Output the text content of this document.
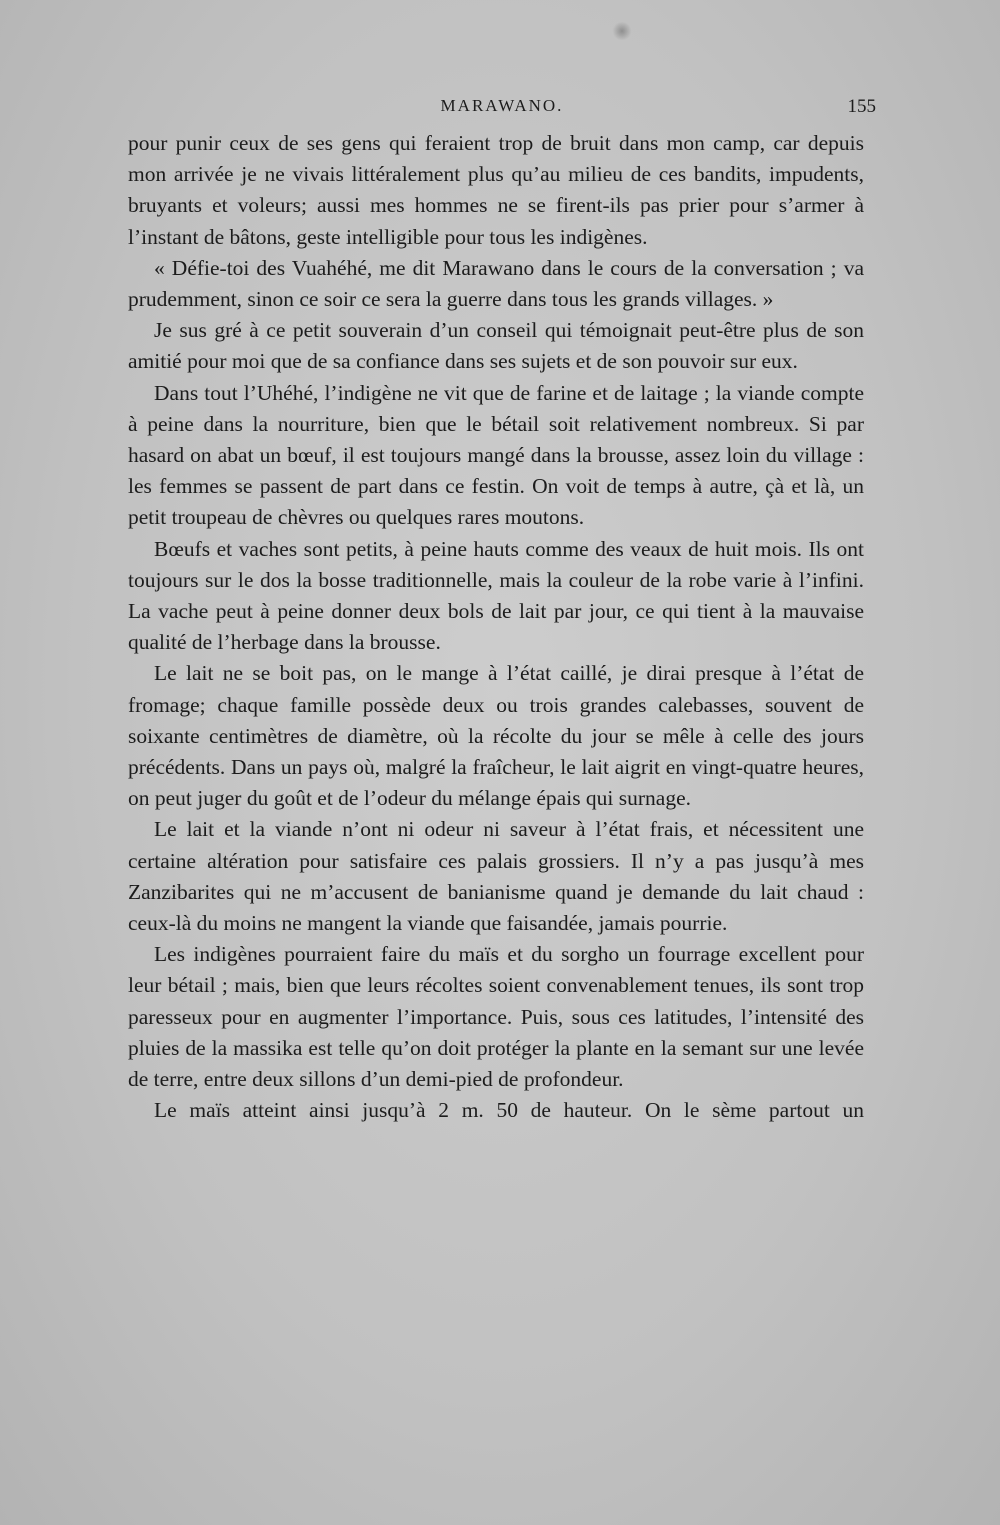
MARAWANO.	155

pour punir ceux de ses gens qui feraient trop de bruit dans mon camp, car depuis mon arrivée je ne vivais littéralement plus qu’au milieu de ces bandits, impudents, bruyants et voleurs; aussi mes hommes ne se firent-ils pas prier pour s’armer à l’instant de bâtons, geste intelligible pour tous les indigènes.

« Défie-toi des Vuahéhé, me dit Marawano dans le cours de la conversation ; va prudemment, sinon ce soir ce sera la guerre dans tous les grands villages. »

Je sus gré à ce petit souverain d’un conseil qui témoignait peut-être plus de son amitié pour moi que de sa confiance dans ses sujets et de son pouvoir sur eux.

Dans tout l’Uhéhé, l’indigène ne vit que de farine et de laitage ; la viande compte à peine dans la nourriture, bien que le bétail soit relativement nombreux. Si par hasard on abat un bœuf, il est toujours mangé dans la brousse, assez loin du village : les femmes se passent de part dans ce festin. On voit de temps à autre, çà et là, un petit troupeau de chèvres ou quelques rares moutons.

Bœufs et vaches sont petits, à peine hauts comme des veaux de huit mois. Ils ont toujours sur le dos la bosse traditionnelle, mais la couleur de la robe varie à l’infini. La vache peut à peine donner deux bols de lait par jour, ce qui tient à la mauvaise qualité de l’herbage dans la brousse.

Le lait ne se boit pas, on le mange à l’état caillé, je dirai presque à l’état de fromage; chaque famille possède deux ou trois grandes calebasses, souvent de soixante centimètres de diamètre, où la récolte du jour se mêle à celle des jours précédents. Dans un pays où, malgré la fraîcheur, le lait aigrit en vingt-quatre heures, on peut juger du goût et de l’odeur du mélange épais qui surnage.

Le lait et la viande n’ont ni odeur ni saveur à l’état frais, et nécessitent une certaine altération pour satisfaire ces palais grossiers. Il n’y a pas jusqu’à mes Zanzibarites qui ne m’accusent de banianisme quand je demande du lait chaud : ceux-là du moins ne mangent la viande que faisandée, jamais pourrie.

Les indigènes pourraient faire du maïs et du sorgho un fourrage excellent pour leur bétail ; mais, bien que leurs récoltes soient convenablement tenues, ils sont trop paresseux pour en augmenter l’importance. Puis, sous ces latitudes, l’intensité des pluies de la massika est telle qu’on doit protéger la plante en la semant sur une levée de terre, entre deux sillons d’un demi-pied de profondeur.

Le maïs atteint ainsi jusqu’à 2 m. 50 de hauteur. On le sème partout un
